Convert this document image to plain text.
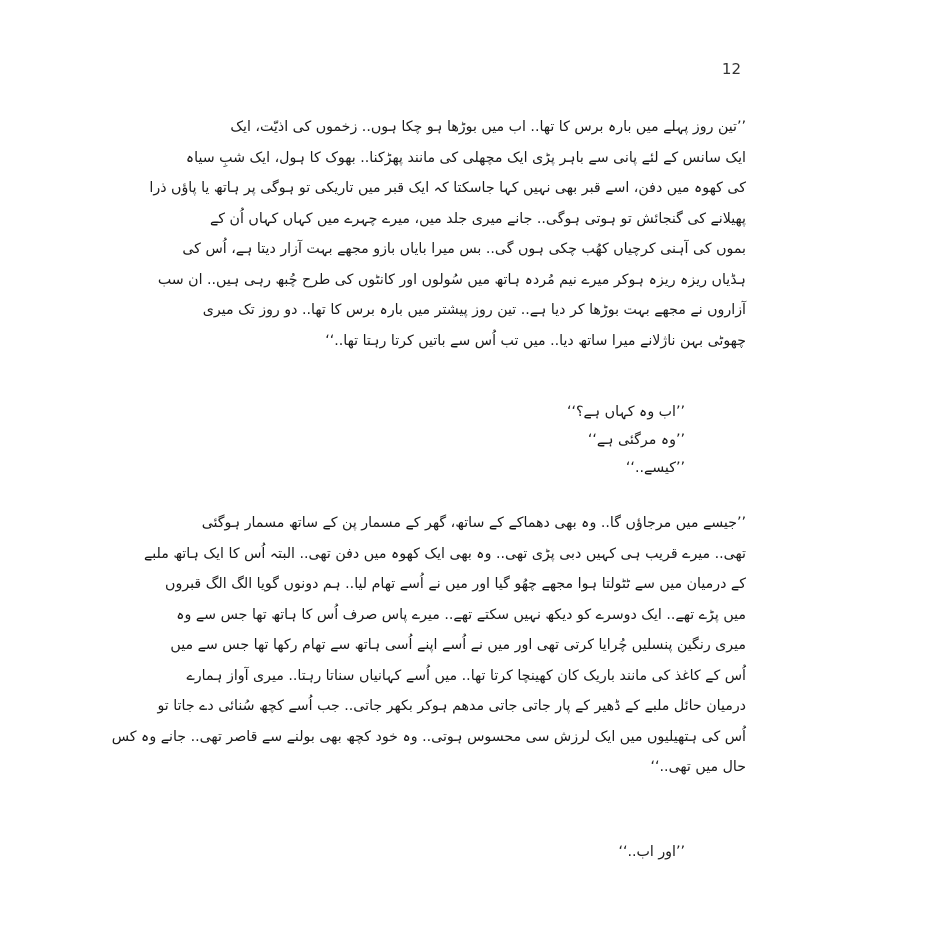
12
’’تین روز پہلے میں بارہ برس کا تھا.. اب میں بوڑھا ہو چکا ہوں.. زخموں کی اذیّت، ایک
ایک سانس کے لئے پانی سے باہر پڑی ایک مچھلی کی مانند پھڑکنا.. بھوک کا ہول، ایک شبِ سیاہ
کی کھوہ میں دفن، اسے قبر بھی نہیں کہا جاسکتا کہ ایک قبر میں تاریکی تو ہوگی پر ہاتھ یا پاؤں ذرا
پھیلانے کی گنجائش تو ہوتی ہوگی.. جانے میری جلد میں، میرے چہرے میں کہاں کہاں اُن کے
بموں کی آہنی کرچیاں کھُب چکی ہوں گی.. بس میرا بایاں بازو مجھے بہت آزار دیتا ہے، اُس کی
ہڈیاں ریزہ ریزہ ہوکر میرے نیم مُردہ ہاتھ میں سُولوں اور کانٹوں کی طرح چُبھ رہی ہیں.. ان سب
آزاروں نے مجھے بہت بوڑھا کر دیا ہے.. تین روز پیشتر میں بارہ برس کا تھا.. دو روز تک میری
چھوٹی بہن ناژلانے میرا ساتھ دیا.. میں تب اُس سے باتیں کرتا رہتا تھا..‘‘
’’اب وہ کہاں ہے؟‘‘
’’وہ مرگئی ہے‘‘
’’کیسے..‘‘
’’جیسے میں مرجاؤں گا.. وہ بھی دھماکے کے ساتھ، گھر کے مسمار پن کے ساتھ مسمار ہوگئی
تھی.. میرے قریب ہی کہیں دبی پڑی تھی.. وہ بھی ایک کھوہ میں دفن تھی.. البتہ اُس کا ایک ہاتھ ملبے
کے درمیان میں سے ٹٹولتا ہوا مجھے چھُو گیا اور میں نے اُسے تھام لیا.. ہم دونوں گویا الگ الگ قبروں
میں پڑے تھے.. ایک دوسرے کو دیکھ نہیں سکتے تھے.. میرے پاس صرف اُس کا ہاتھ تھا جس سے وہ
میری رنگین پنسلیں چُرایا کرتی تھی اور میں نے اُسے اپنے اُسی ہاتھ سے تھام رکھا تھا جس سے میں
اُس کے کاغذ کی مانند باریک کان کھینچا کرتا تھا.. میں اُسے کہانیاں سناتا رہتا.. میری آواز ہمارے
درمیان حائل ملبے کے ڈھیر کے پار جاتی جاتی مدھم ہوکر بکھر جاتی.. جب اُسے کچھ سُنائی دے جاتا تو
اُس کی ہتھیلیوں میں ایک لرزش سی محسوس ہوتی.. وہ خود کچھ بھی بولنے سے قاصر تھی.. جانے وہ کس
حال میں تھی..‘‘
’’اور اب..‘‘
